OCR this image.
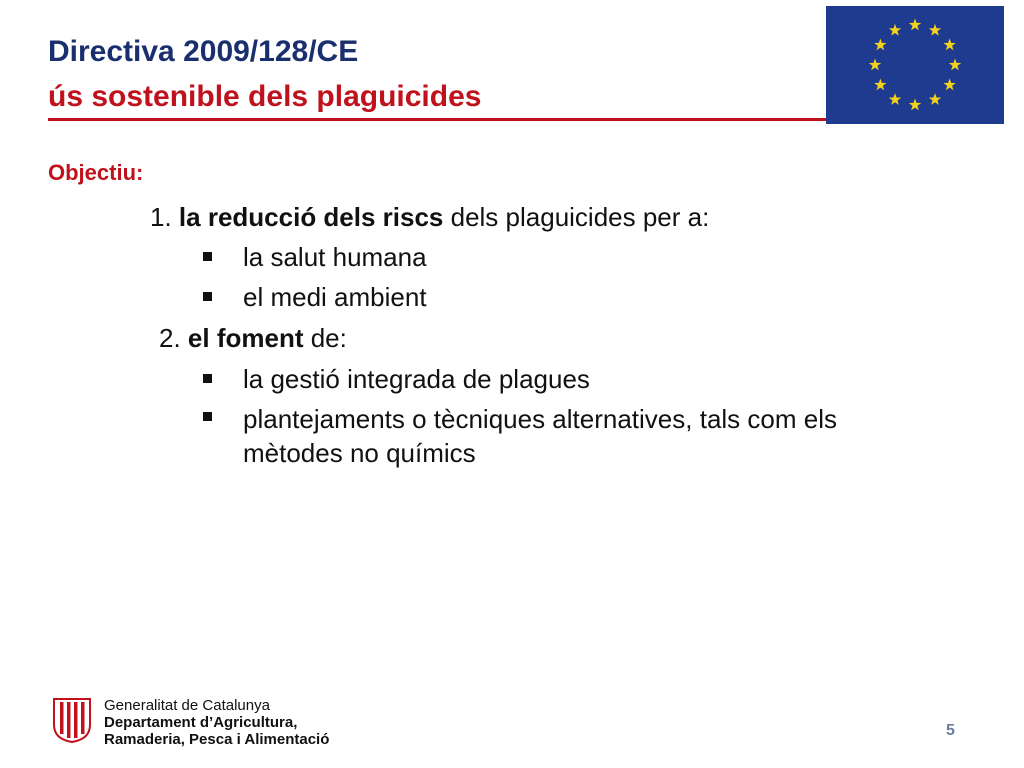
Directiva 2009/128/CE
ús sostenible dels plaguicides
Objectiu:
1. la reducció dels riscs dels plaguicides per a:
la salut humana
el medi ambient
2. el foment de:
la gestió integrada de plagues
plantejaments o tècniques alternatives, tals com els
mètodes no químics
Generalitat de Catalunya
Departament d’Agricultura,
Ramaderia, Pesca i Alimentació
5
